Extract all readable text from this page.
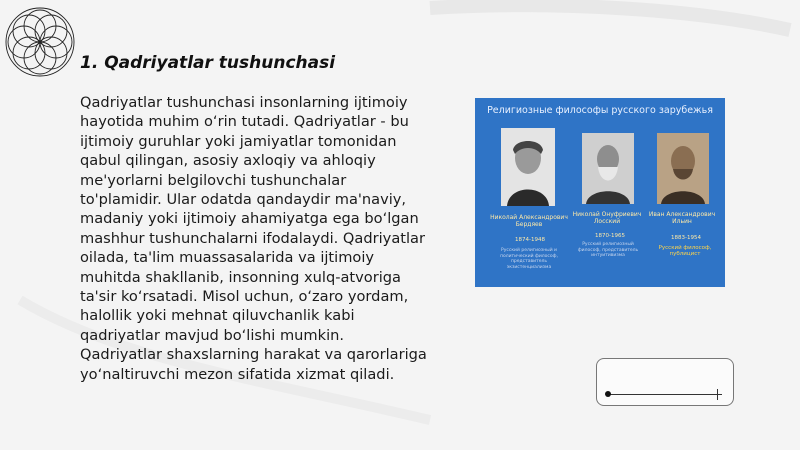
1. Qadriyatlar tushunchasi
Qadriyatlar tushunchasi insonlarning ijtimoiy hayotida muhim o‘rin tutadi. Qadriyatlar - bu ijtimoiy guruhlar yoki jamiyatlar tomonidan qabul qilingan, asosiy axloqiy va ahloqiy me'yorlarni belgilovchi tushunchalar to'plamidir. Ular odatda qandaydir ma'naviy, madaniy yoki ijtimoiy ahamiyatga ega bo‘lgan mashhur tushunchalarni ifodalaydi. Qadriyatlar oilada, ta'lim muassasalarida va ijtimoiy muhitda shakllanib, insonning xulq-atvoriga ta'sir ko‘rsatadi. Misol uchun, o‘zaro yordam, halollik yoki mehnat qiluvchanlik kabi qadriyatlar mavjud bo‘lishi mumkin. Qadriyatlar shaxslarning harakat va qarorlariga yo‘naltiruvchi mezon sifatida xizmat qiladi.
Религиозные философы русского зарубежья
Николай Александрович Бердяев
Николай Онуфриевич Лосский
Иван Александрович Ильин
1874-1948
1870-1965	1883-1954
Русский религиозный и политический философ, представитель экзистенциализма
Русский религиозный философ, представитель интуитивизма
Русский философ, публицист
